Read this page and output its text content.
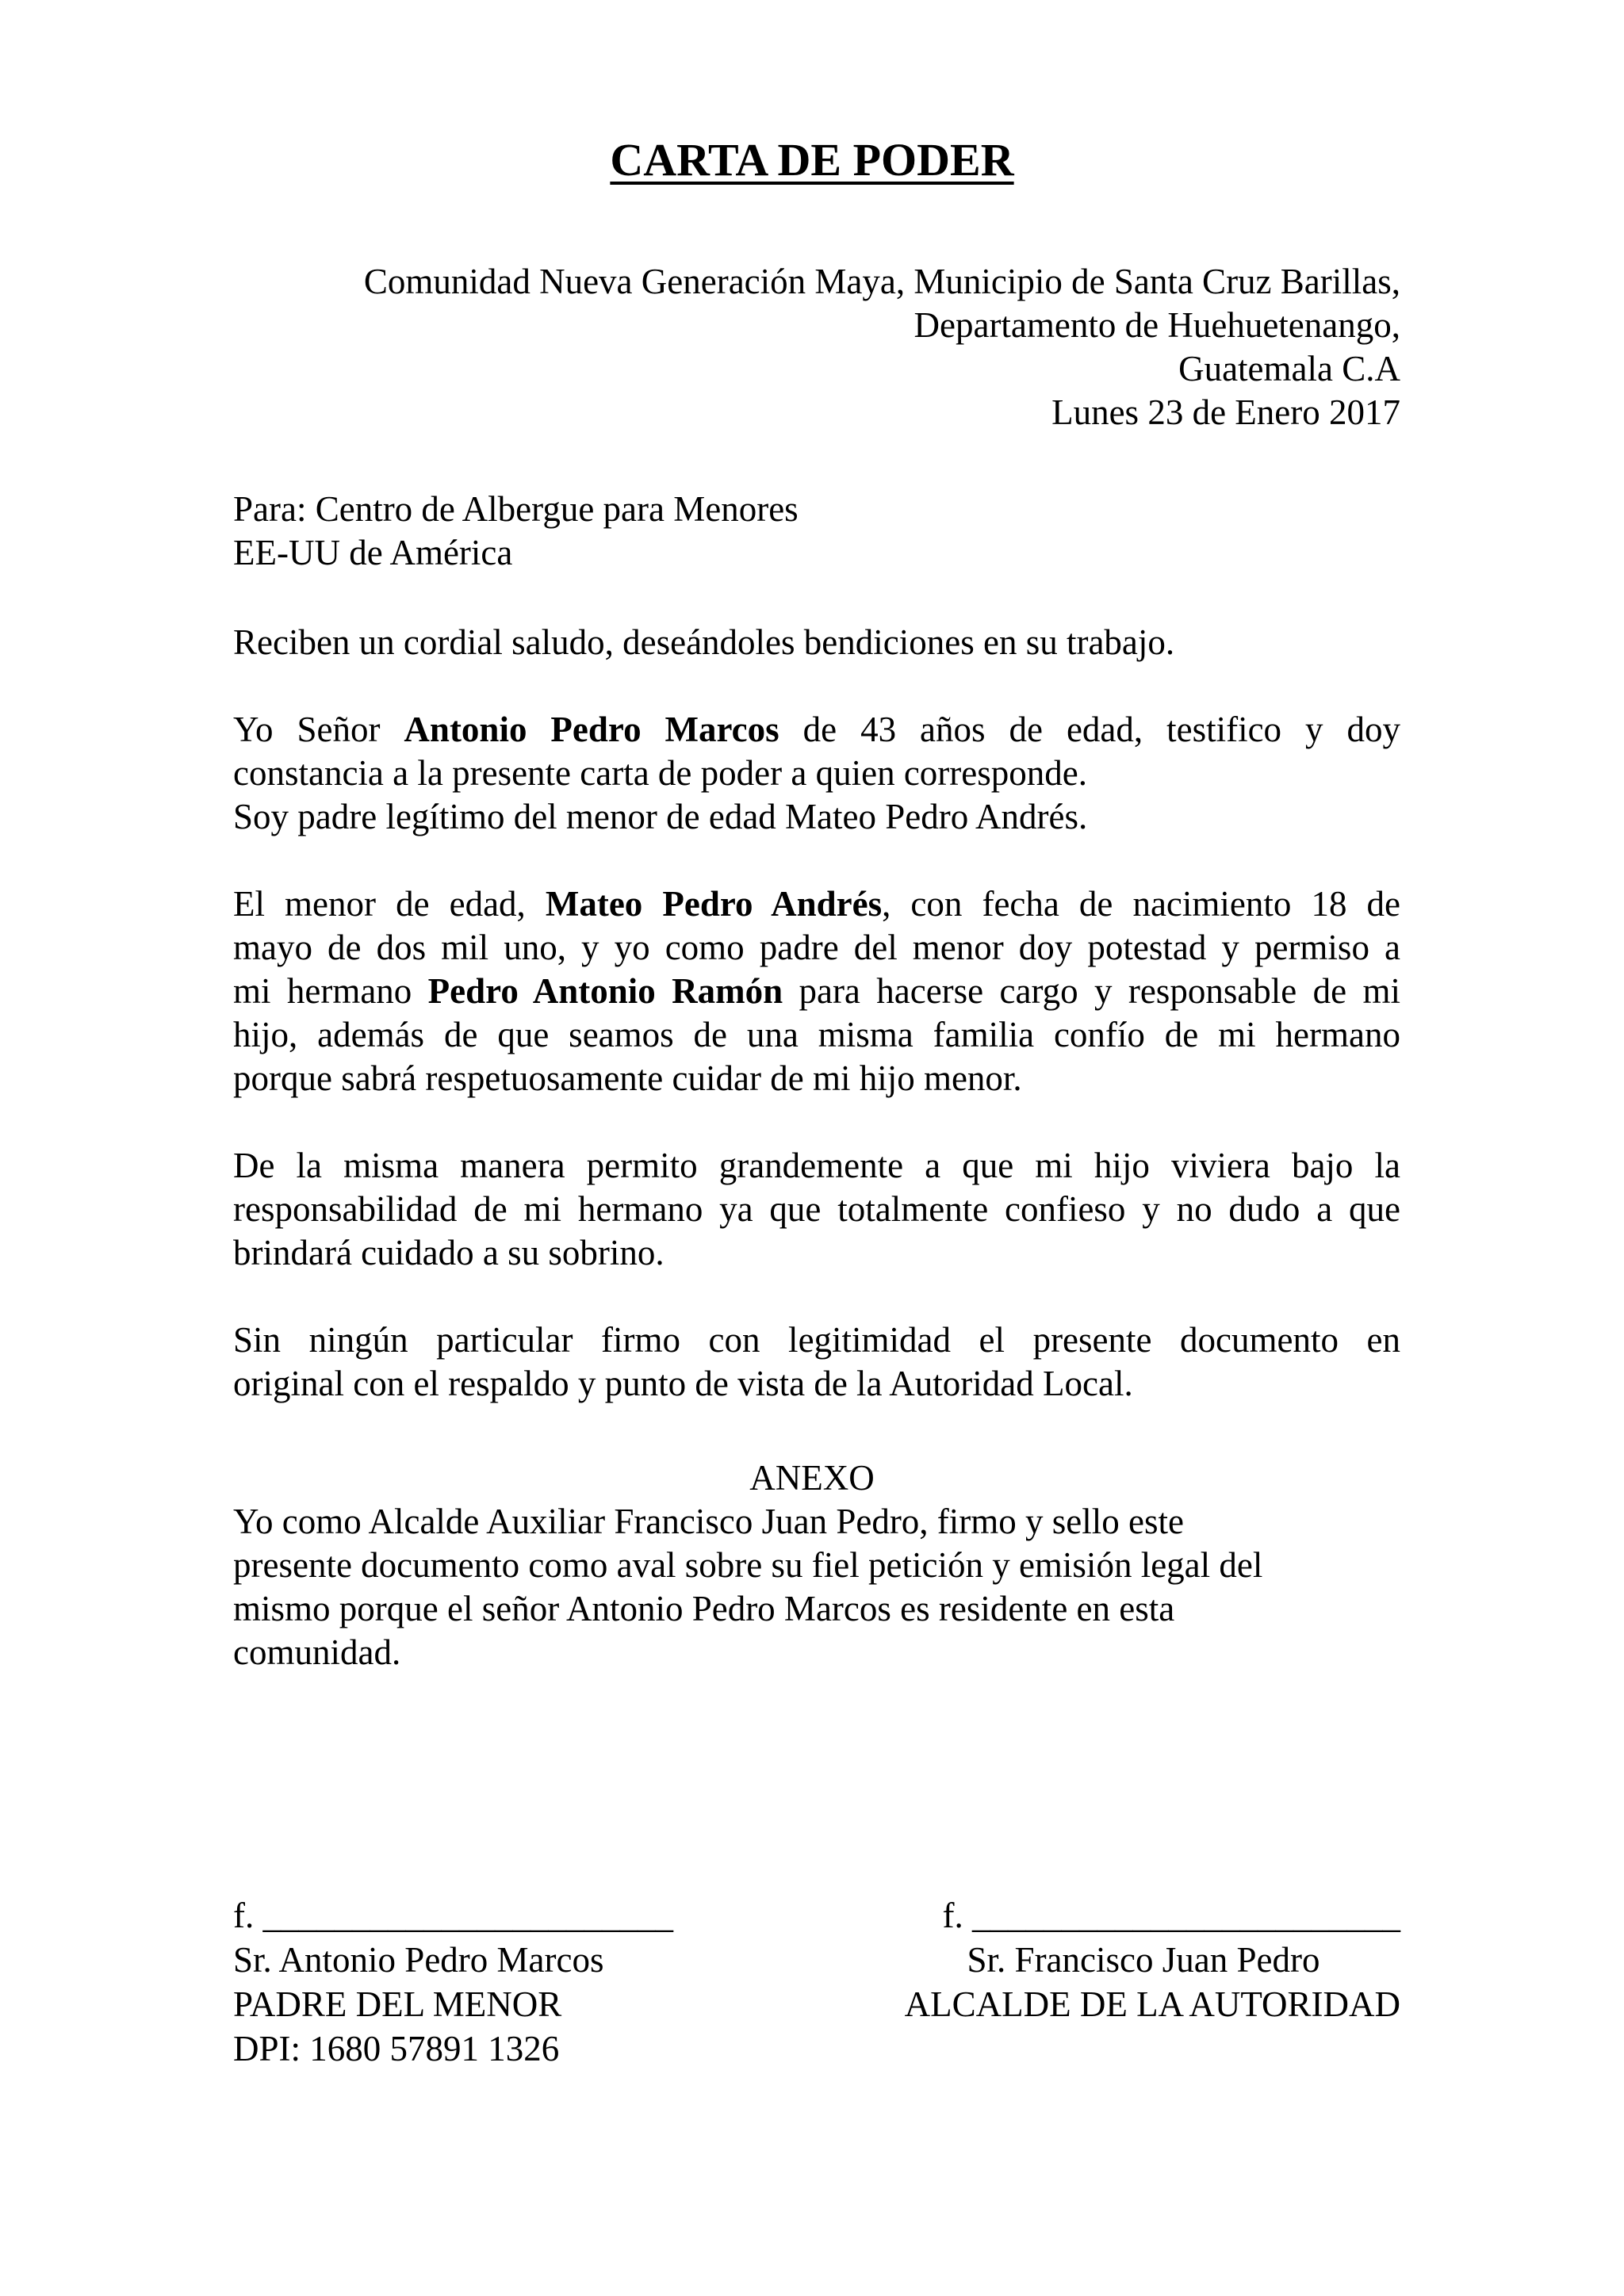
CARTA DE PODER
Comunidad Nueva Generación Maya, Municipio de Santa Cruz Barillas,
Departamento de Huehuetenango,
Guatemala C.A
Lunes 23 de Enero 2017
Para: Centro de Albergue para Menores
EE-UU de América
Reciben un cordial saludo, deseándoles bendiciones en su trabajo.
Yo Señor Antonio Pedro Marcos de 43 años de edad, testifico y doy
constancia a la presente carta de poder a quien corresponde.
Soy padre legítimo del menor de edad Mateo Pedro Andrés.
El menor de edad, Mateo Pedro Andrés, con fecha de nacimiento 18 de
mayo de dos mil uno, y yo como padre del menor doy potestad y permiso a
mi hermano Pedro Antonio Ramón para hacerse cargo y responsable de mi
hijo, además de que seamos de una misma familia confío de mi hermano
porque sabrá respetuosamente cuidar de mi hijo menor.
De la misma manera permito grandemente a que mi hijo viviera bajo la
responsabilidad de mi hermano ya que totalmente confieso y no dudo a que
brindará cuidado a su sobrino.
Sin ningún particular firmo con legitimidad el presente documento en
original con el respaldo y punto de vista de la Autoridad Local.
ANEXO
Yo como Alcalde Auxiliar Francisco Juan Pedro, firmo y sello este
presente documento como aval sobre su fiel petición y emisión legal del
mismo porque el señor Antonio Pedro Marcos es residente en esta
comunidad.
f. _______________________
Sr. Antonio Pedro Marcos
PADRE DEL MENOR
DPI: 1680 57891 1326
f. ________________________
Sr. Francisco Juan Pedro
ALCALDE DE LA AUTORIDAD
